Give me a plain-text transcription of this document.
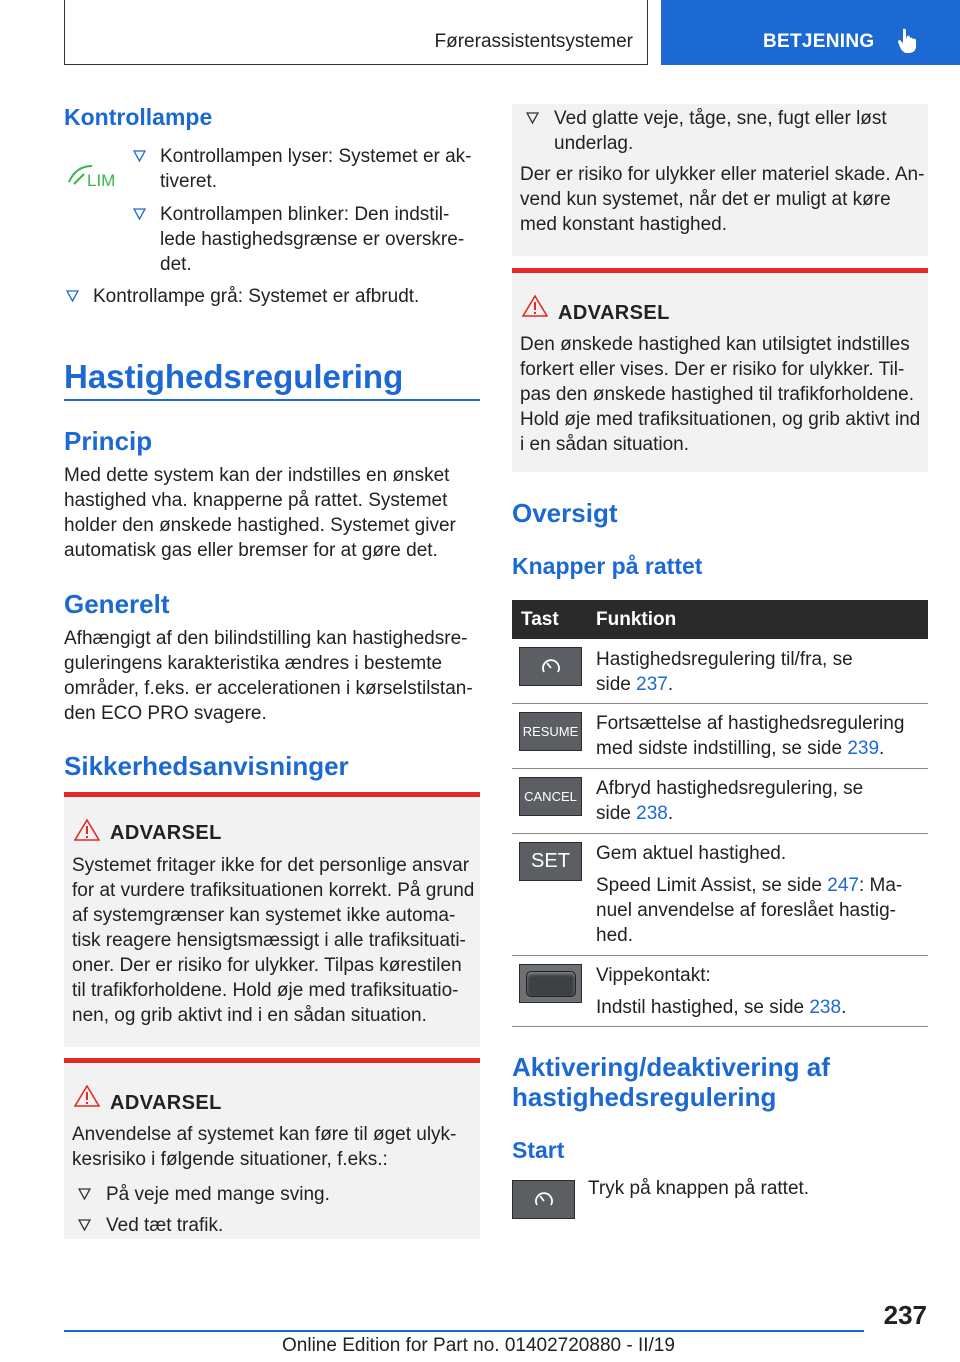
Førerassistentsystemer	BETJENING
Kontrollampe
LIM
Kontrollampen lyser: Systemet er ak-
tiveret.
Kontrollampen blinker: Den indstil-
lede hastighedsgrænse er overskre-
det.
Kontrollampe grå: Systemet er afbrudt.
Hastighedsregulering
Princip
Med dette system kan der indstilles en ønsket
hastighed vha. knapperne på rattet. Systemet
holder den ønskede hastighed. Systemet giver
automatisk gas eller bremser for at gøre det.
Generelt
Afhængigt af den bilindstilling kan hastighedsre-
guleringens karakteristika ændres i bestemte
områder, f.eks. er accelerationen i kørselstilstan-
den ECO PRO svagere.
Sikkerhedsanvisninger
ADVARSEL
Systemet fritager ikke for det personlige ansvar
for at vurdere trafiksituationen korrekt. På grund
af systemgrænser kan systemet ikke automa-
tisk reagere hensigtsmæssigt i alle trafiksituati-
oner. Der er risiko for ulykker. Tilpas kørestilen
til trafikforholdene. Hold øje med trafiksituatio-
nen, og grib aktivt ind i en sådan situation.
ADVARSEL
Anvendelse af systemet kan føre til øget ulyk-
kesrisiko i følgende situationer, f.eks.:
På veje med mange sving.
Ved tæt trafik.
Ved glatte veje, tåge, sne, fugt eller løst
underlag.
Der er risiko for ulykker eller materiel skade. An-
vend kun systemet, når det er muligt at køre
med konstant hastighed.
ADVARSEL
Den ønskede hastighed kan utilsigtet indstilles
forkert eller vises. Der er risiko for ulykker. Til-
pas den ønskede hastighed til trafikforholdene.
Hold øje med trafiksituationen, og grib aktivt ind
i en sådan situation.
Oversigt
Knapper på rattet
Tast Funktion
Hastighedsregulering til/fra, se
side 237.
RESUME Fortsættelse af hastighedsregulering
med sidste indstilling, se side 239.
CANCEL Afbryd hastighedsregulering, se
side 238.
SET	Gem aktuel hastighed.
Speed Limit Assist, se side 247: Ma-
nuel anvendelse af foreslået hastig-
hed.
Vippekontakt:
Indstil hastighed, se side 238.
Aktivering/deaktivering af
hastighedsregulering
Start
Tryk på knappen på rattet.
237
Online Edition for Part no. 01402720880 - II/19
